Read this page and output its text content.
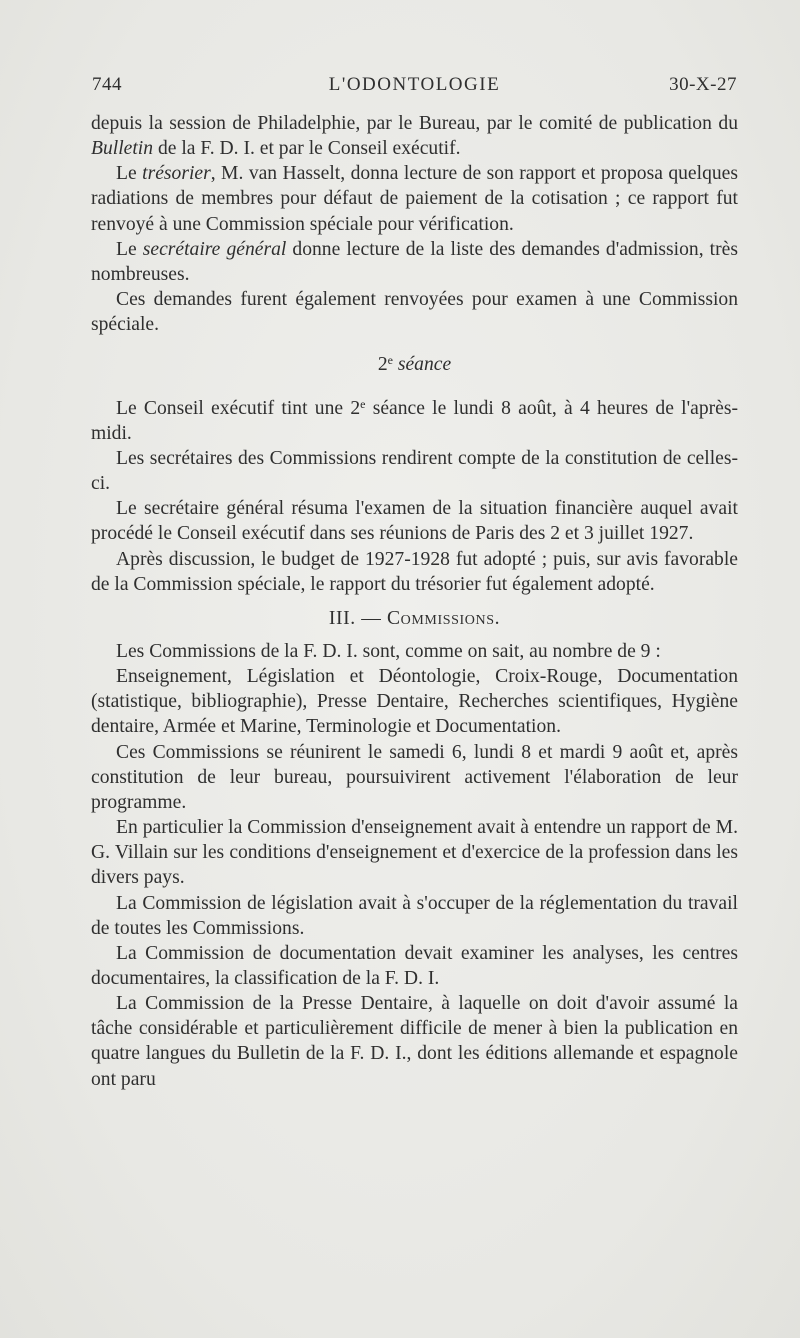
744	L'ODONTOLOGIE	30-X-27

depuis la session de Philadelphie, par le Bureau, par le comité de publication du Bulletin de la F. D. I. et par le Conseil exécutif.

Le trésorier, M. van Hasselt, donna lecture de son rapport et proposa quelques radiations de membres pour défaut de paiement de la cotisation ; ce rapport fut renvoyé à une Commission spéciale pour vérification.

Le secrétaire général donne lecture de la liste des demandes d'admission, très nombreuses.

Ces demandes furent également renvoyées pour examen à une Commission spéciale.

2e séance

Le Conseil exécutif tint une 2e séance le lundi 8 août, à 4 heures de l'après-midi.

Les secrétaires des Commissions rendirent compte de la constitution de celles-ci.

Le secrétaire général résuma l'examen de la situation financière auquel avait procédé le Conseil exécutif dans ses réunions de Paris des 2 et 3 juillet 1927.

Après discussion, le budget de 1927-1928 fut adopté ; puis, sur avis favorable de la Commission spéciale, le rapport du trésorier fut également adopté.

III. — Commissions.

Les Commissions de la F. D. I. sont, comme on sait, au nombre de 9 :

Enseignement, Législation et Déontologie, Croix-Rouge, Documentation (statistique, bibliographie), Presse Dentaire, Recherches scientifiques, Hygiène dentaire, Armée et Marine, Terminologie et Documentation.

Ces Commissions se réunirent le samedi 6, lundi 8 et mardi 9 août et, après constitution de leur bureau, poursuivirent activement l'élaboration de leur programme.

En particulier la Commission d'enseignement avait à entendre un rapport de M. G. Villain sur les conditions d'enseignement et d'exercice de la profession dans les divers pays.

La Commission de législation avait à s'occuper de la réglementation du travail de toutes les Commissions.

La Commission de documentation devait examiner les analyses, les centres documentaires, la classification de la F. D. I.

La Commission de la Presse Dentaire, à laquelle on doit d'avoir assumé la tâche considérable et particulièrement difficile de mener à bien la publication en quatre langues du Bulletin de la F. D. I., dont les éditions allemande et espagnole ont paru
